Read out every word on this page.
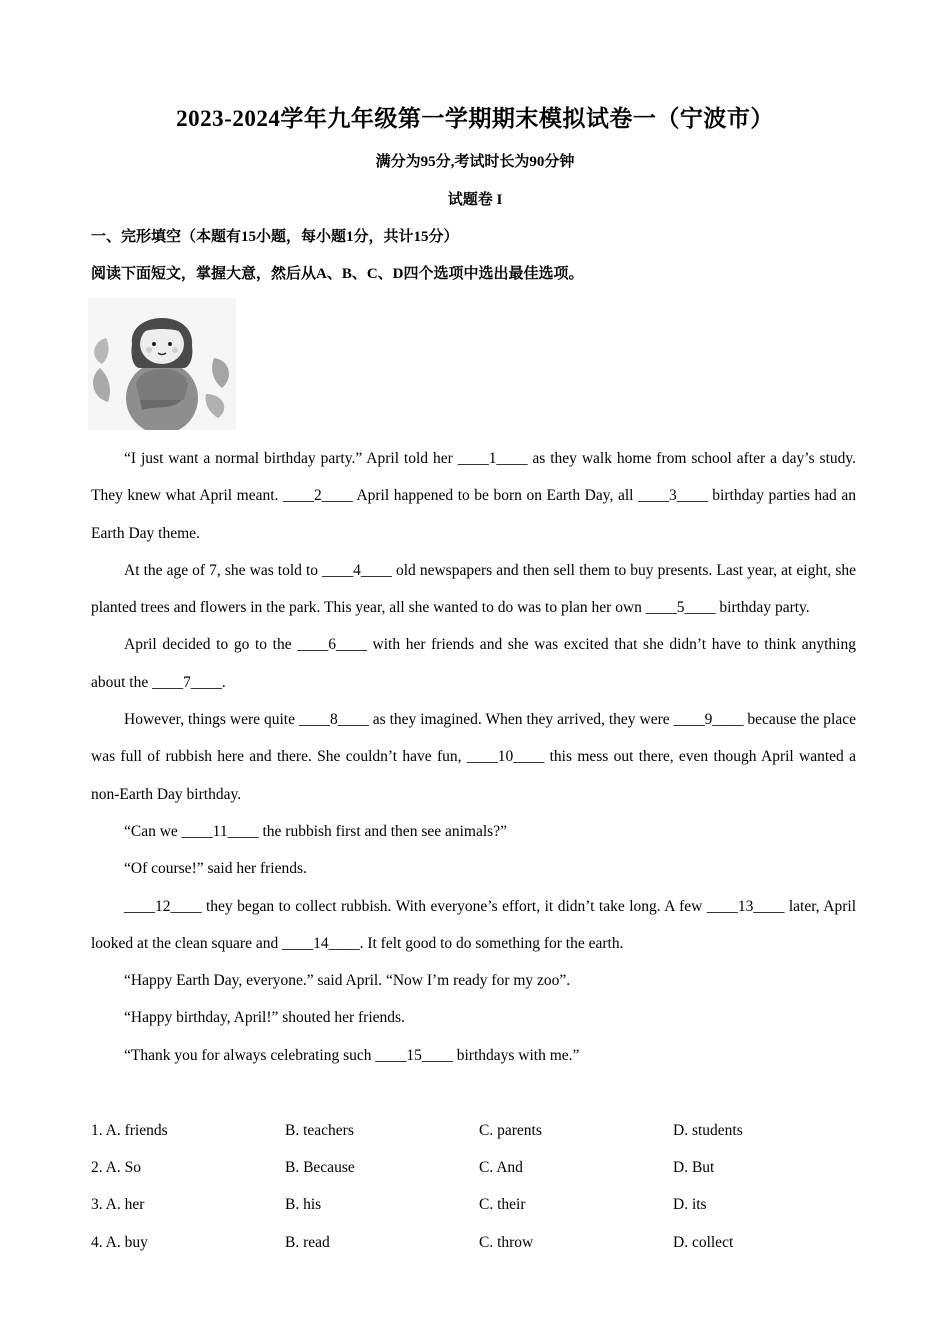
2023-2024学年九年级第一学期期末模拟试卷一（宁波市）
满分为95分,考试时长为90分钟
试题卷 I
一、完形填空（本题有15小题，每小题1分，共计15分）
阅读下面短文，掌握大意，然后从A、B、C、D四个选项中选出最佳选项。

“I just want a normal birthday party.” April told her ____1____ as they walk home from school after a day’s study. They knew what April meant. ____2____ April happened to be born on Earth Day, all ____3____ birthday parties had an Earth Day theme.

At the age of 7, she was told to ____4____ old newspapers and then sell them to buy presents. Last year, at eight, she planted trees and flowers in the park. This year, all she wanted to do was to plan her own ____5____ birthday party.

April decided to go to the ____6____ with her friends and she was excited that she didn’t have to think anything about the ____7____.

However, things were quite ____8____ as they imagined. When they arrived, they were ____9____ because the place was full of rubbish here and there. She couldn’t have fun, ____10____ this mess out there, even though April wanted a non-Earth Day birthday.

“Can we ____11____ the rubbish first and then see animals?”

“Of course!” said her friends.

____12____ they began to collect rubbish. With everyone’s effort, it didn’t take long. A few ____13____ later, April looked at the clean square and ____14____. It felt good to do something for the earth.

“Happy Earth Day, everyone.” said April. “Now I’m ready for my zoo”.

“Happy birthday, April!” shouted her friends.

“Thank you for always celebrating such ____15____ birthdays with me.”

1. A. friends	B. teachers	C. parents	D. students
2. A. So	B. Because	C. And	D. But
3. A. her	B. his	C. their	D. its
4. A. buy	B. read	C. throw	D. collect
